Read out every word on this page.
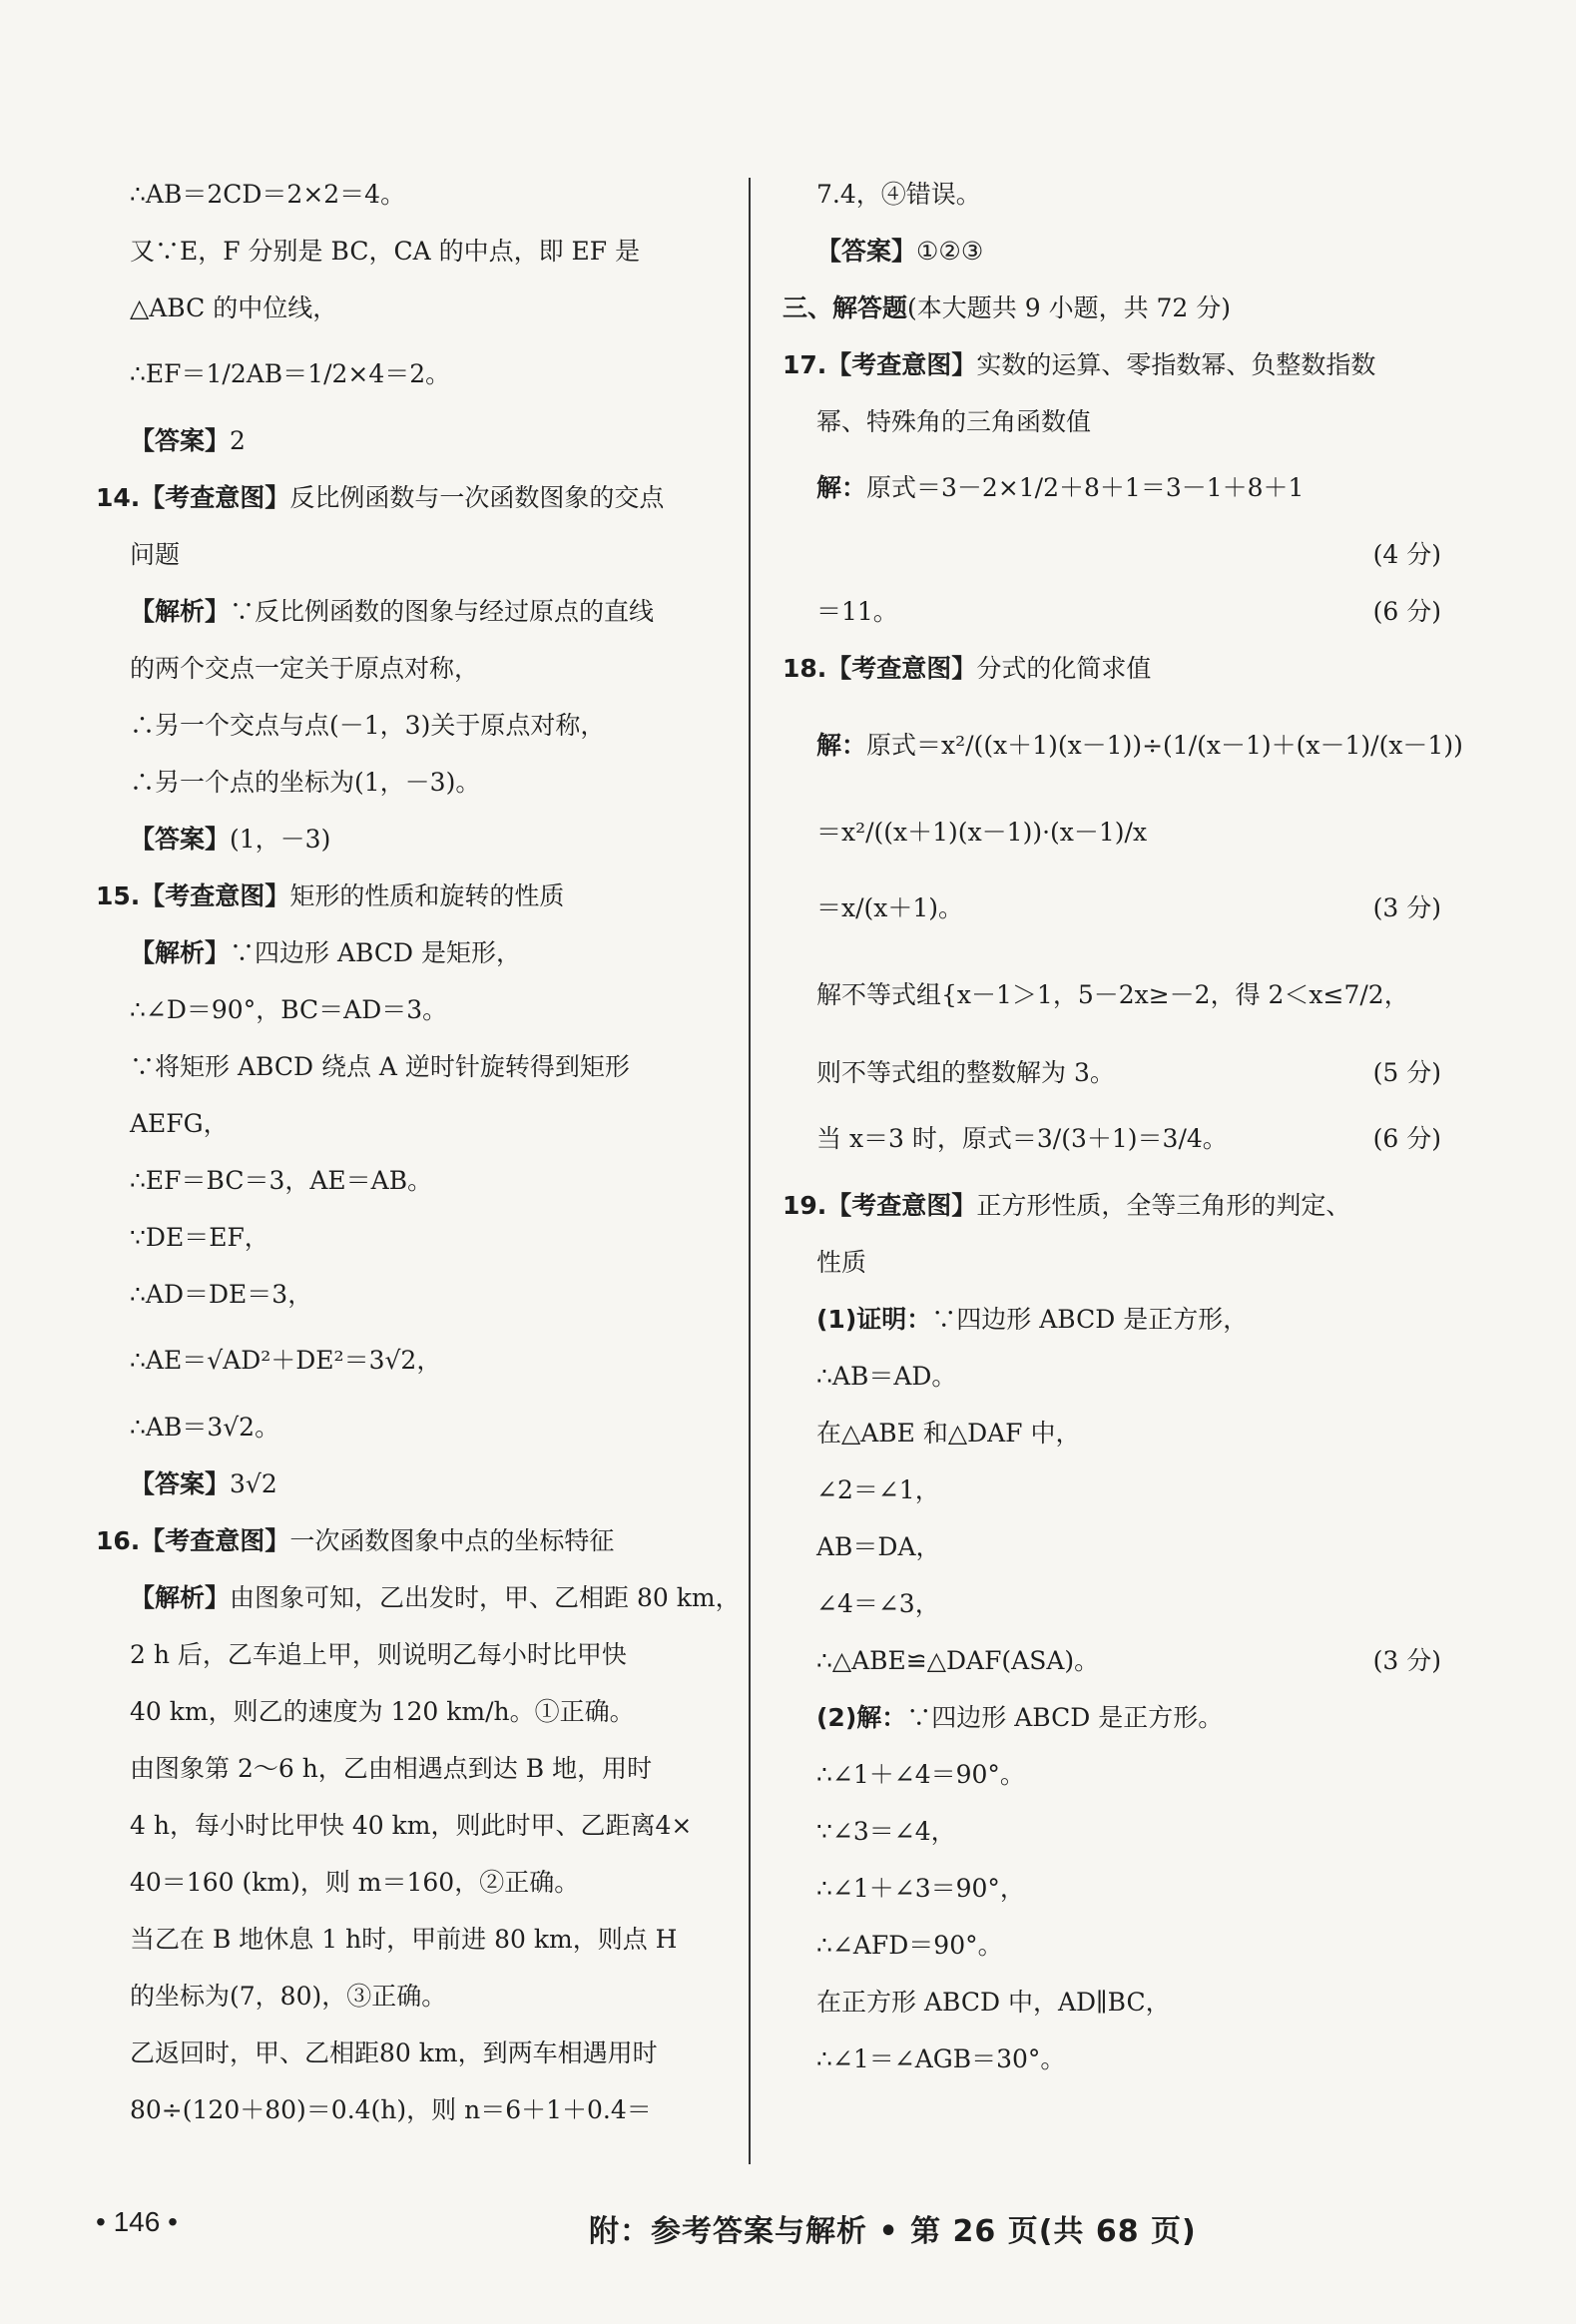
∴AB＝2CD＝2×2＝4。
又∵E，F 分别是 BC，CA 的中点，即 EF 是
△ABC 的中位线，
∴EF＝1/2AB＝1/2×4＝2。
【答案】2
14.【考查意图】反比例函数与一次函数图象的交点
问题
【解析】∵反比例函数的图象与经过原点的直线
的两个交点一定关于原点对称，
∴另一个交点与点(－1，3)关于原点对称，
∴另一个点的坐标为(1，－3)。
【答案】(1，－3)
15.【考查意图】矩形的性质和旋转的性质
【解析】∵四边形 ABCD 是矩形，
∴∠D＝90°，BC＝AD＝3。
∵将矩形 ABCD 绕点 A 逆时针旋转得到矩形
AEFG，
∴EF＝BC＝3，AE＝AB。
∵DE＝EF，
∴AD＝DE＝3，
∴AE＝√AD²＋DE²＝3√2，
∴AB＝3√2。
【答案】3√2
16.【考查意图】一次函数图象中点的坐标特征
【解析】由图象可知，乙出发时，甲、乙相距 80 km，
2 h 后，乙车追上甲，则说明乙每小时比甲快
40 km，则乙的速度为 120 km/h。①正确。
由图象第 2～6 h，乙由相遇点到达 B 地，用时
4 h，每小时比甲快 40 km，则此时甲、乙距离4×
40＝160 (km)，则 m＝160，②正确。
当乙在 B 地休息 1 h时，甲前进 80 km，则点 H
的坐标为(7，80)，③正确。
乙返回时，甲、乙相距80 km，到两车相遇用时
80÷(120＋80)＝0.4(h)，则 n＝6＋1＋0.4＝
7.4，④错误。
【答案】①②③
三、解答题(本大题共 9 小题，共 72 分)
17.【考查意图】实数的运算、零指数幂、负整数指数
幂、特殊角的三角函数值
解：原式＝3－2×1/2＋8＋1＝3－1＋8＋1
(4 分)
＝11。	(6 分)
18.【考查意图】分式的化简求值
解：原式＝x²/((x＋1)(x－1))÷(1/(x－1)＋(x－1)/(x－1))
＝x²/((x＋1)(x－1))·(x－1)/x
＝x/(x＋1)。	(3 分)
解不等式组{x－1＞1，5－2x≥－2，得 2＜x≤7/2，
则不等式组的整数解为 3。	(5 分)
当 x＝3 时，原式＝3/(3＋1)＝3/4。	(6 分)
19.【考查意图】正方形性质，全等三角形的判定、
性质
(1)证明：∵四边形 ABCD 是正方形，
∴AB＝AD。
在△ABE 和△DAF 中，
∠2＝∠1，
AB＝DA，
∠4＝∠3，
∴△ABE≌△DAF(ASA)。	(3 分)
(2)解：∵四边形 ABCD 是正方形。
∴∠1＋∠4＝90°。
∵∠3＝∠4，
∴∠1＋∠3＝90°，
∴∠AFD＝90°。
在正方形 ABCD 中，AD∥BC，
∴∠1＝∠AGB＝30°。
• 146 •	附：参考答案与解析 • 第 26 页(共 68 页)
